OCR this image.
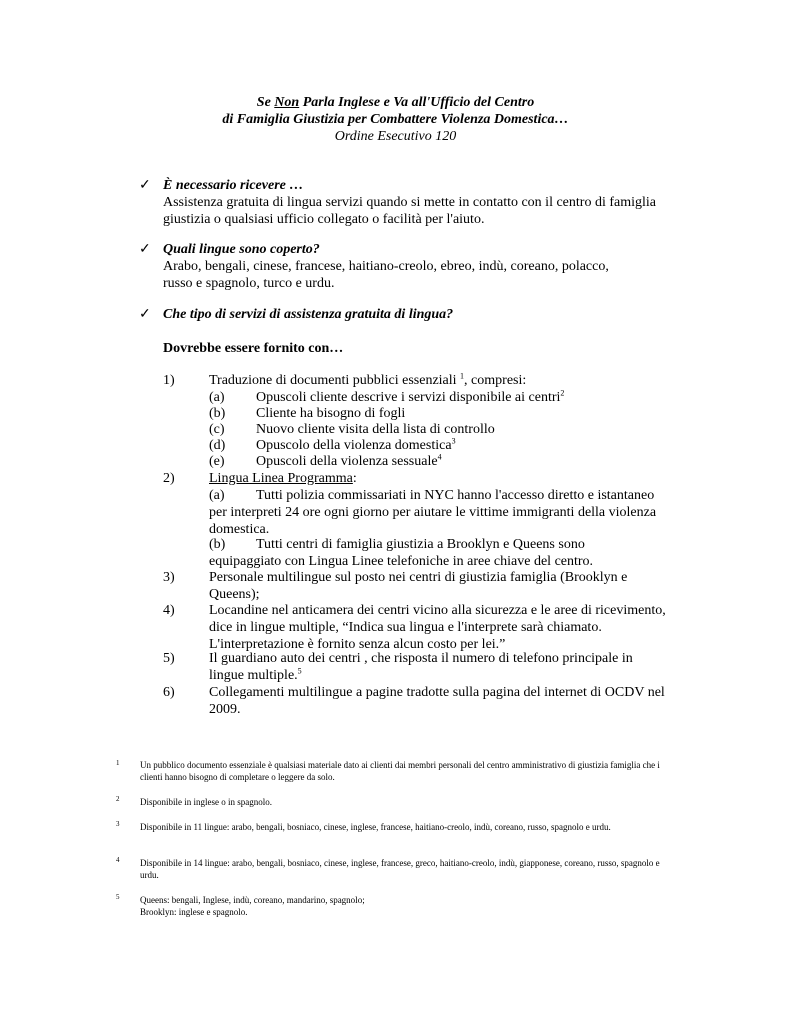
Se Non Parla Inglese e Va all'Ufficio del Centro
di Famiglia Giustizia per Combattere Violenza Domestica…
Ordine Esecutivo 120
✓ È necessario ricevere …
Assistenza gratuita di lingua servizi quando si mette in contatto con il centro di famiglia giustizia o qualsiasi ufficio collegato o facilità per l'aiuto.
✓ Quali lingue sono coperto?
Arabo, bengali, cinese, francese, haitiano-creolo, ebreo, indù, coreano, polacco, russo e spagnolo, turco e urdu.
✓ Che tipo di servizi di assistenza gratuita di lingua?
Dovrebbe essere fornito con…
1) Traduzione di documenti pubblici essenziali $^1$, compresi:
(a) Opuscoli cliente descrive i servizi disponibile ai centri$^2$
(b) Cliente ha bisogno di fogli
(c) Nuovo cliente visita della lista di controllo
(d) Opuscolo della violenza domestica$^3$
(e) Opuscoli della violenza sessuale$^4$
2) Lingua Linea Programma:
(a) Tutti polizia commissariati in NYC hanno l'accesso diretto e istantaneo
per interpreti 24 ore ogni giorno per aiutare le vittime immigranti della violenza domestica.
(b) Tutti centri di famiglia giustizia a Brooklyn e Queens sono
equipaggiato con Lingua Linee telefoniche in aree chiave del centro.
3) Personale multilingue sul posto nei centri di giustizia famiglia (Brooklyn e Queens);
4) Locandine nel anticamera dei centri vicino alla sicurezza e le aree di ricevimento, dice in lingue multiple, “Indica sua lingua e l'interprete sarà chiamato. L'interpretazione è fornito senza alcun costo per lei.”
5) Il guardiano auto dei centri , che risposta il numero di telefono principale in lingue multiple.$^5$
6) Collegamenti multilingue a pagine tradotte sulla pagina del internet di OCDV nel 2009.
1 Un pubblico documento essenziale è qualsiasi materiale dato ai clienti dai membri personali del centro amministrativo di giustizia famiglia che i clienti hanno bisogno di completare o leggere da solo.
2 Disponibile in inglese o in spagnolo.
3 Disponibile in 11 lingue: arabo, bengali, bosniaco, cinese, inglese, francese, haitiano-creolo, indù, coreano, russo, spagnolo e urdu.
4 Disponibile in 14 lingue: arabo, bengali, bosniaco, cinese, inglese, francese, greco, haitiano-creolo, indù, giapponese, coreano, russo, spagnolo e urdu.
5 Queens: bengali, Inglese, indù, coreano, mandarino, spagnolo;
Brooklyn: inglese e spagnolo.
